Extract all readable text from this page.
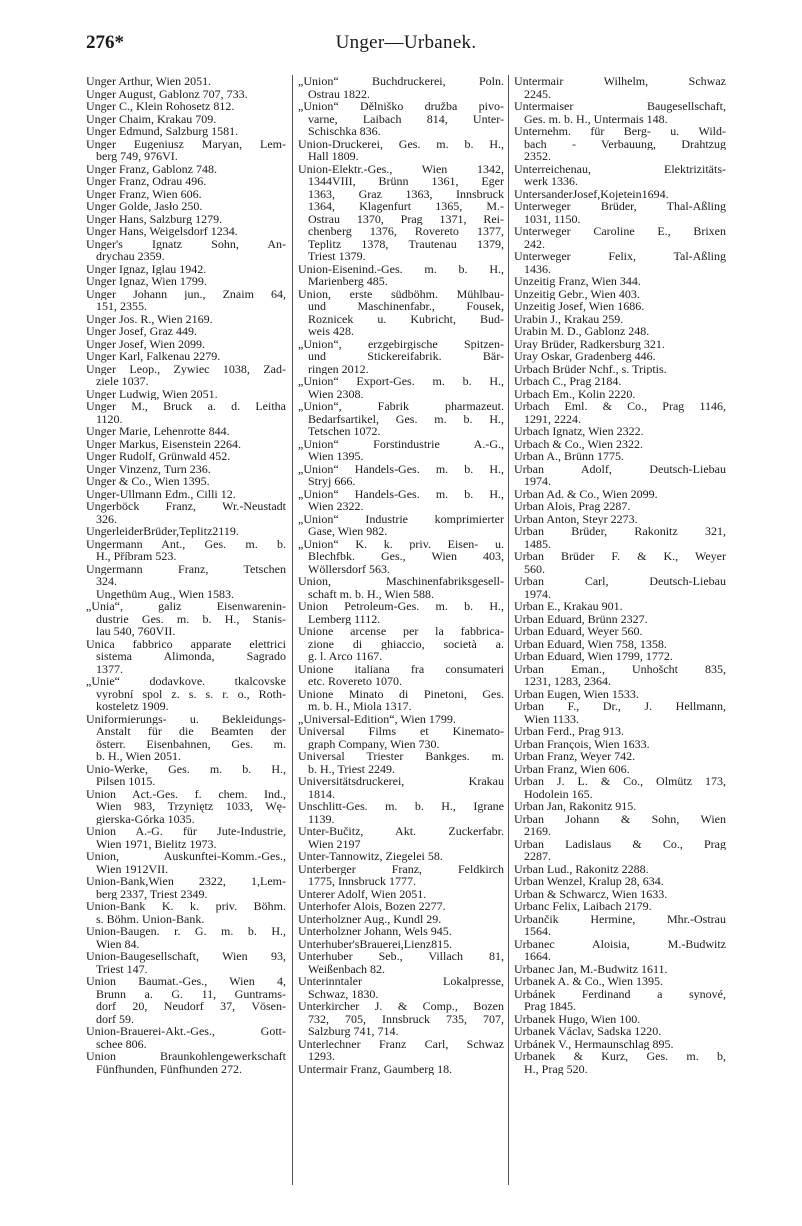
276*	Unger—Urbanek.
Unger Arthur, Wien 2051.
Unger August, Gablonz 707, 733.
Unger C., Klein Rohosetz 812.
Unger Chaim, Krakau 709.
Unger Edmund, Salzburg 1581.
Unger Eugeniusz Maryan, Lem-
berg 749, 976VI.
Unger Franz, Gablonz 748.
Unger Franz, Odrau 496.
Unger Franz, Wien 606.
Unger Golde, Jasło 250.
Unger Hans, Salzburg 1279.
Unger Hans, Weigelsdorf 1234.
Unger's Ignatz Sohn, An-
drychau 2359.
Unger Ignaz, Iglau 1942.
Unger Ignaz, Wien 1799.
Unger Johann jun., Znaim 64,
151, 2355.
Unger Jos. R., Wien 2169.
Unger Josef, Graz 449.
Unger Josef, Wien 2099.
Unger Karl, Falkenau 2279.
Unger Leop., Zywiec 1038, Zad-
ziele 1037.
Unger Ludwig, Wien 2051.
Unger M., Bruck a. d. Leitha
1120.
Unger Marie, Lehenrotte 844.
Unger Markus, Eisenstein 2264.
Unger Rudolf, Grünwald 452.
Unger Vinzenz, Turn 236.
Unger & Co., Wien 1395.
Unger-Ullmann Edm., Cilli 12.
Ungerböck Franz, Wr.-Neustadt
326.
UngerleiderBrüder,Teplitz2119.
Ungermann Ant., Ges. m. b.
H., Příbram 523.
Ungermann Franz, Tetschen
324.
Ungethüm Aug., Wien 1583.
„Unia“, galiz Eisenwarenin-
dustrie Ges. m. b. H., Stanis-
lau 540, 760VII.
Unica fabbrico apparate elettrici
sistema Alimonda, Sagrado
1377.
„Unie“ dodavkove. tkalcovske
vyrobní spol z. s. s. r. o., Roth-
kosteletz 1909.
Uniformierungs- u. Bekleidungs-
Anstalt für die Beamten der
österr. Eisenbahnen, Ges. m.
b. H., Wien 2051.
Unio-Werke, Ges. m. b. H.,
Pilsen 1015.
Union Act.-Ges. f. chem. Ind.,
Wien 983, Trzyniętz 1033, Wę-
gierska-Górka 1035.
Union A.-G. für Jute-Industrie,
Wien 1971, Bielitz 1973.
Union, Auskunftei-Komm.-Ges.,
Wien 1912VII.
Union-Bank,Wien 2322, 1,Lem-
berg 2337, Triest 2349.
Union-Bank K. k. priv. Böhm.
s. Böhm. Union-Bank.
Union-Baugen. r. G. m. b. H.,
Wien 84.
Union-Baugesellschaft, Wien 93,
Triest 147.
Union Baumat.-Ges., Wien 4,
Brunn a. G. 11, Guntrams-
dorf 20, Neudorf 37, Vösen-
dorf 59.
Union-Brauerei-Akt.-Ges., Gott-
schee 806.
Union Braunkohlengewerkschaft
Fünfhunden, Fünfhunden 272.
„Union“ Buchdruckerei, Poln.
Ostrau 1822.
„Union“ Dělniško družba pivo-
varne, Laibach 814, Unter-
Schischka 836.
Union-Druckerei, Ges. m. b. H.,
Hall 1809.
Union-Elektr.-Ges., Wien 1342,
1344VIII, Brünn 1361, Eger
1363, Graz 1363, Innsbruck
1364, Klagenfurt 1365, M.-
Ostrau 1370, Prag 1371, Rei-
chenberg 1376, Rovereto 1377,
Teplitz 1378, Trautenau 1379,
Triest 1379.
Union-Eisenind.-Ges. m. b. H.,
Marienberg 485.
Union, erste südböhm. Mühlbau-
und Maschinenfabr., Fousek,
Roznicek u. Kubricht, Bud-
weis 428.
„Union“, erzgebirgische Spitzen-
und Stickereifabrik. Bär-
ringen 2012.
„Union“ Export-Ges. m. b. H.,
Wien 2308.
„Union“, Fabrik pharmazeut.
Bedarfsartikel, Ges. m. b. H.,
Tetschen 1072.
„Union“ Forstindustrie A.-G.,
Wien 1395.
„Union“ Handels-Ges. m. b. H.,
Stryj 666.
„Union“ Handels-Ges. m. b. H.,
Wien 2322.
„Union“ Industrie komprimierter
Gase, Wien 982.
„Union“ K. k. priv. Eisen- u.
Blechfbk. Ges., Wien 403,
Wöllersdorf 563.
Union, Maschinenfabriksgesell-
schaft m. b. H., Wien 588.
Union Petroleum-Ges. m. b. H.,
Lemberg 1112.
Unione arcense per la fabbrica-
zione di ghiaccio, società a.
g. l. Arco 1167.
Unione italiana fra consumateri
etc. Rovereto 1070.
Unione Minato di Pinetoni, Ges.
m. b. H., Miola 1317.
„Universal-Edition“, Wien 1799.
Universal Films et Kinemato-
graph Company, Wien 730.
Universal Triester Bankges. m.
b. H., Triest 2249.
Universitätsdruckerei, Krakau
1814.
Unschlitt-Ges. m. b. H., Igrane
1139.
Unter-Bučitz, Akt. Zuckerfabr.
Wien 2197
Unter-Tannowitz, Ziegelei 58.
Unterberger Franz, Feldkirch
1775, Innsbruck 1777.
Unterer Adolf, Wien 2051.
Unterhofer Alois, Bozen 2277.
Unterholzner Aug., Kundl 29.
Unterholzner Johann, Wels 945.
Unterhuber'sBrauerei,Lienz815.
Unterhuber Seb., Villach 81,
Weißenbach 82.
Unterinntaler Lokalpresse,
Schwaz, 1830.
Unterkircher J. & Comp., Bozen
732, 705, Innsbruck 735, 707,
Salzburg 741, 714.
Unterlechner Franz Carl, Schwaz
1293.
Untermair Franz, Gaumberg 18.
Untermair Wilhelm, Schwaz
2245.
Untermaiser Baugesellschaft,
Ges. m. b. H., Untermais 148.
Unternehm. für Berg- u. Wild-
bach - Verbauung, Drahtzug
2352.
Unterreichenau, Elektrizitäts-
werk 1336.
UntersanderJosef,Kojetein1694.
Unterweger Brüder, Thal-Aßling
1031, 1150.
Unterweger Caroline E., Brixen
242.
Unterweger Felix, Tal-Aßling
1436.
Unzeitig Franz, Wien 344.
Unzeitig Gebr., Wien 403.
Unzeitig Josef, Wien 1686.
Urabin J., Krakau 259.
Urabin M. D., Gablonz 248.
Uray Brüder, Radkersburg 321.
Uray Oskar, Gradenberg 446.
Urbach Brüder Nchf., s. Triptis.
Urbach C., Prag 2184.
Urbach Em., Kolin 2220.
Urbach Eml. & Co., Prag 1146,
1291, 2224.
Urbach Ignatz, Wien 2322.
Urbach & Co., Wien 2322.
Urban A., Brünn 1775.
Urban Adolf, Deutsch-Liebau
1974.
Urban Ad. & Co., Wien 2099.
Urban Alois, Prag 2287.
Urban Anton, Steyr 2273.
Urban Brüder, Rakonitz 321,
1485.
Urban Brüder F. & K., Weyer
560.
Urban Carl, Deutsch-Liebau
1974.
Urban E., Krakau 901.
Urban Eduard, Brünn 2327.
Urban Eduard, Weyer 560.
Urban Eduard, Wien 758, 1358.
Urban Eduard, Wien 1799, 1772.
Urban Eman., Unhošcht 835,
1231, 1283, 2364.
Urban Eugen, Wien 1533.
Urban F., Dr., J. Hellmann,
Wien 1133.
Urban Ferd., Prag 913.
Urban François, Wien 1633.
Urban Franz, Weyer 742.
Urban Franz, Wien 606.
Urban J. L. & Co., Olmütz 173,
Hodolein 165.
Urban Jan, Rakonitz 915.
Urban Johann & Sohn, Wien
2169.
Urban Ladislaus & Co., Prag
2287.
Urban Lud., Rakonitz 2288.
Urban Wenzel, Kralup 28, 634.
Urban & Schwarcz, Wien 1633.
Urbanc Felix, Laibach 2179.
Urbančik Hermine, Mhr.-Ostrau
1564.
Urbanec Aloisia, M.-Budwitz
1664.
Urbanec Jan, M.-Budwitz 1611.
Urbanek A. & Co., Wien 1395.
Urbánek Ferdinand a synové,
Prag 1845.
Urbanek Hugo, Wien 100.
Urbanek Václav, Sadska 1220.
Urbánek V., Hermaunschlag 895.
Urbanek & Kurz, Ges. m. b,
H., Prag 520.
